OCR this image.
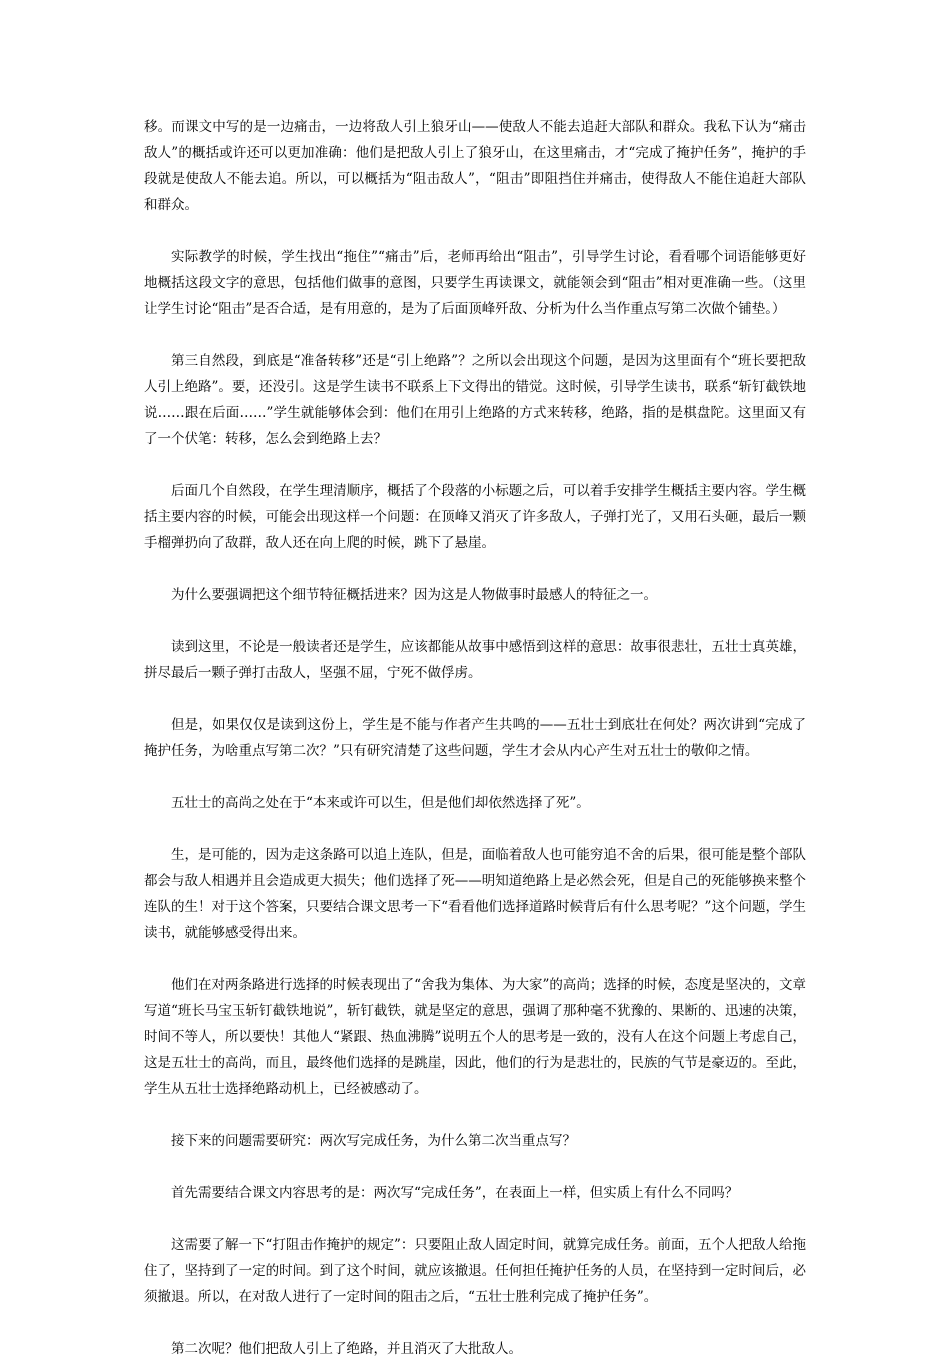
移。而课文中写的是一边痛击，一边将敌人引上狼牙山——使敌人不能去追赶大部队和群众。我私下认为“痛击敌人”的概括或许还可以更加准确：他们是把敌人引上了狼牙山，在这里痛击，才“完成了掩护任务”，掩护的手段就是使敌人不能去追。所以，可以概括为“阻击敌人”，“阻击”即阻挡住并痛击，使得敌人不能住追赶大部队和群众。

实际教学的时候，学生找出“拖住”“痛击”后，老师再给出“阻击”，引导学生讨论，看看哪个词语能够更好地概括这段文字的意思，包括他们做事的意图，只要学生再读课文，就能领会到“阻击”相对更准确一些。（这里让学生讨论“阻击”是否合适，是有用意的，是为了后面顶峰歼敌、分析为什么当作重点写第二次做个铺垫。）

第三自然段，到底是“准备转移”还是“引上绝路”？之所以会出现这个问题，是因为这里面有个“班长要把敌人引上绝路”。要，还没引。这是学生读书不联系上下文得出的错觉。这时候，引导学生读书，联系“斩钉截铁地说……跟在后面……”学生就能够体会到：他们在用引上绝路的方式来转移，绝路，指的是棋盘陀。这里面又有了一个伏笔：转移，怎么会到绝路上去？

后面几个自然段，在学生理清顺序，概括了个段落的小标题之后，可以着手安排学生概括主要内容。学生概括主要内容的时候，可能会出现这样一个问题：在顶峰又消灭了许多敌人，子弹打光了，又用石头砸，最后一颗手榴弹扔向了敌群，敌人还在向上爬的时候，跳下了悬崖。

为什么要强调把这个细节特征概括进来？因为这是人物做事时最感人的特征之一。

读到这里，不论是一般读者还是学生，应该都能从故事中感悟到这样的意思：故事很悲壮，五壮士真英雄，拼尽最后一颗子弹打击敌人，坚强不屈，宁死不做俘虏。

但是，如果仅仅是读到这份上，学生是不能与作者产生共鸣的——五壮士到底壮在何处？两次讲到“完成了掩护任务，为啥重点写第二次？”只有研究清楚了这些问题，学生才会从内心产生对五壮士的敬仰之情。

五壮士的高尚之处在于“本来或许可以生，但是他们却依然选择了死”。

生，是可能的，因为走这条路可以追上连队，但是，面临着敌人也可能穷追不舍的后果，很可能是整个部队都会与敌人相遇并且会造成更大损失；他们选择了死——明知道绝路上是必然会死，但是自己的死能够换来整个连队的生！对于这个答案，只要结合课文思考一下“看看他们选择道路时候背后有什么思考呢？”这个问题，学生读书，就能够感受得出来。

他们在对两条路进行选择的时候表现出了“舍我为集体、为大家”的高尚；选择的时候，态度是坚决的，文章写道“班长马宝玉斩钉截铁地说”，斩钉截铁，就是坚定的意思，强调了那种毫不犹豫的、果断的、迅速的决策，时间不等人，所以要快！其他人“紧跟、热血沸腾”说明五个人的思考是一致的，没有人在这个问题上考虑自己，这是五壮士的高尚，而且，最终他们选择的是跳崖，因此，他们的行为是悲壮的，民族的气节是豪迈的。至此，学生从五壮士选择绝路动机上，已经被感动了。

接下来的问题需要研究：两次写完成任务，为什么第二次当重点写？

首先需要结合课文内容思考的是：两次写“完成任务”，在表面上一样，但实质上有什么不同吗？

这需要了解一下“打阻击作掩护的规定”：只要阻止敌人固定时间，就算完成任务。前面，五个人把敌人给拖住了，坚持到了一定的时间。到了这个时间，就应该撤退。任何担任掩护任务的人员，在坚持到一定时间后，必须撤退。所以，在对敌人进行了一定时间的阻击之后，“五壮士胜利完成了掩护任务”。

第二次呢？他们把敌人引上了绝路，并且消灭了大批敌人。
